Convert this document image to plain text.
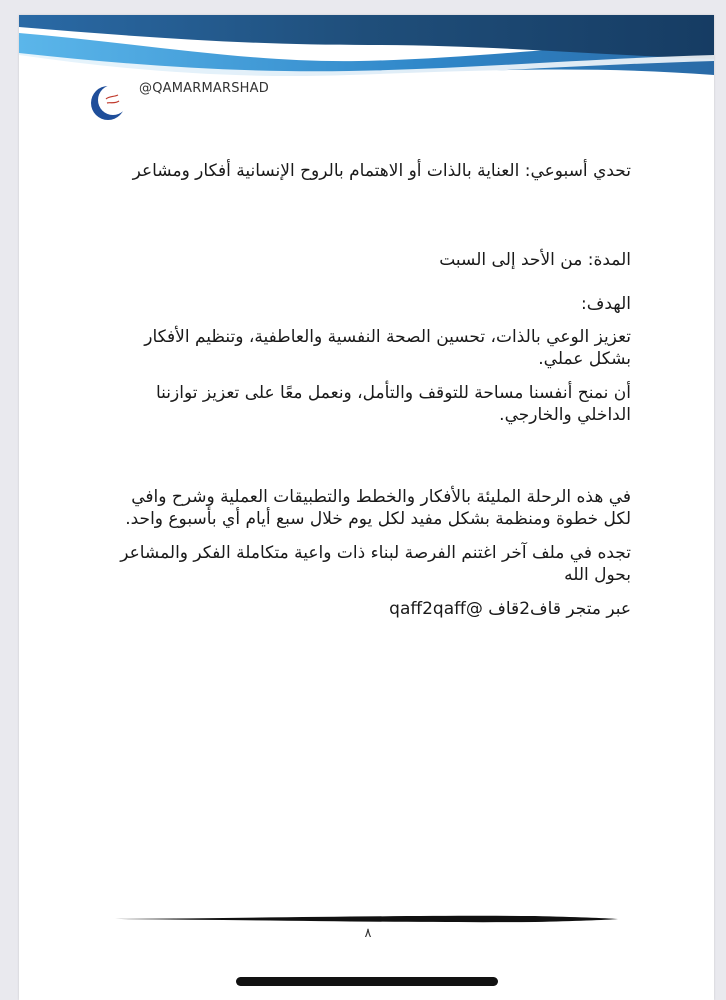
@QAMARMARSHAD

تحدي أسبوعي: العناية بالذات أو الاهتمام بالروح الإنسانية أفكار ومشاعر

المدة: من الأحد إلى السبت

الهدف:

تعزيز الوعي بالذات، تحسين الصحة النفسية والعاطفية، وتنظيم الأفكار بشكل عملي.

أن نمنح أنفسنا مساحة للتوقف والتأمل، ونعمل معًا على تعزيز توازننا الداخلي والخارجي.

في هذه الرحلة المليئة بالأفكار والخطط والتطبيقات العملية وشرح وافي لكل خطوة ومنظمة بشكل مفيد لكل يوم خلال سبع أيام أي بأسبوع واحد.

تجده في ملف آخر اغتنم الفرصة لبناء ذات واعية متكاملة الفكر والمشاعر بحول الله

عبر متجر قاف2قاف @qaff2qaff

٨
